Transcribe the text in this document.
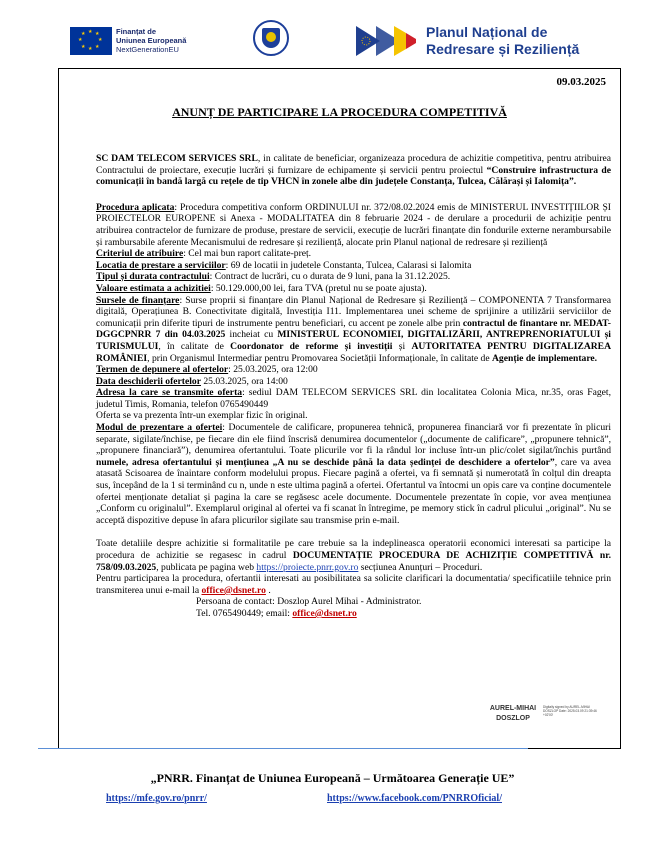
★ ★
★
★
★
★
★
★	Finanțat de
Uniunea Europeană
NextGenerationEU
Planul Național de
Redresare și Reziliență
09.03.2025
ANUNȚ DE PARTICIPARE LA PROCEDURA COMPETITIVĂ

SC DAM TELECOM SERVICES SRL, in calitate de beneficiar, organizeaza procedura de achizitie competitiva, pentru atribuirea Contractului de proiectare, execuție lucrări și furnizare de echipamente și servicii pentru proiectul “Construire infrastructura de comunicații în bandă largă cu rețele de tip VHCN în zonele albe din județele Constanța, Tulcea, Călărași și Ialomița”.

Procedura aplicata: Procedura competitiva conform ORDINULUI nr. 372/08.02.2024 emis de MINISTERUL INVESTIȚIILOR ȘI PROIECTELOR EUROPENE si Anexa - MODALITATEA din 8 februarie 2024 - de derulare a procedurii de achiziție pentru atribuirea contractelor de furnizare de produse, prestare de servicii, execuție de lucrări finanțate din fondurile externe nerambursabile și rambursabile aferente Mecanismului de redresare și reziliență, alocate prin Planul național de redresare și reziliență

Criteriul de atribuire: Cel mai bun raport calitate-preț.

Locatia de prestare a serviciilor: 69 de locatii in judetele Constanta, Tulcea, Calarasi si Ialomita

Tipul și durata contractului: Contract de lucrări, cu o durata de 9 luni, pana la 31.12.2025.

Valoare estimata a achizitiei: 50.129.000,00 lei, fara TVA (pretul nu se poate ajusta).

Sursele de finanțare: Surse proprii si finanțare din Planul Național de Redresare și Reziliență – COMPONENTA 7 Transformarea digitală, Operațiunea B. Conectivitate digitală, Investiția I11. Implementarea unei scheme de sprijinire a utilizării serviciilor de comunicații prin diferite tipuri de instrumente pentru beneficiari, cu accent pe zonele albe prin contractul de finantare nr. MEDAT-DGGCPNRR 7 din 04.03.2025 incheiat cu MINISTERUL ECONOMIEI, DIGITALIZĂRII, ANTREPRENORIATULUI și TURISMULUI, în calitate de Coordonator de reforme și investiții și AUTORITATEA PENTRU DIGITALIZAREA ROMÂNIEI, prin Organismul Intermediar pentru Promovarea Societății Informaționale, în calitate de Agenție de implementare.

Termen de depunere al ofertelor: 25.03.2025, ora 12:00

Data deschiderii ofertelor 25.03.2025, ora 14:00

Adresa la care se transmite oferta: sediul DAM TELECOM SERVICES SRL din localitatea Colonia Mica, nr.35, oras Faget, judetul Timis, Romania, telefon 0765490449

Oferta se va prezenta într-un exemplar fizic în original.

Modul de prezentare a ofertei: Documentele de calificare, propunerea tehnică, propunerea financiară vor fi prezentate în plicuri separate, sigilate/închise, pe fiecare din ele fiind înscrisă denumirea documentelor („documente de calificare”, „propunere tehnică”, „propunere financiară”), denumirea ofertantului. Toate plicurile vor fi la rândul lor incluse într-un plic/colet sigilat/închis purtând numele, adresa ofertantului și mențiunea „A nu se deschide până la data ședinței de deschidere a ofertelor”, care va avea atasată Scisoarea de înaintare conform modelului propus. Fiecare pagină a ofertei, va fi semnată și numerotată în colțul din dreapta sus, începând de la 1 si terminând cu n, unde n este ultima pagină a ofertei. Ofertantul va întocmi un opis care va conține documentele ofertei menționate detaliat și pagina la care se regăsesc acele documente. Documentele prezentate în copie, vor avea mențiunea „Conform cu originalul”. Exemplarul original al ofertei va fi scanat în întregime, pe memory stick în cadrul plicului „original”. Nu se acceptă dispozitive depuse în afara plicurilor sigilate sau transmise prin e-mail.

Toate detaliile despre achizitie si formalitatile pe care trebuie sa la indeplineasca operatorii economici interesati sa participe la procedura de achizitie se regasesc in cadrul DOCUMENTAȚIE PROCEDURA DE ACHIZIȚIE COMPETITIVĂ nr. 758/09.03.2025, publicata pe pagina web https://proiecte.pnrr.gov.ro secțiunea Anunțuri – Proceduri.

Pentru participarea la procedura, ofertantii interesati au posibilitatea sa solicite clarificari la documentatia/ specificatiile tehnice prin transmiterea unui e-mail la office@dsnet.ro .

Persoana de contact: Doszlop Aurel Mihai - Administrator.

Tel. 0765490449; email: office@dsnet.ro

AUREL-MIHAI
DOSZLOP
Digitally signed by AUREL-MIHAI DOSZLOP Date: 2025.03.09 21:39:46 +02'00'
„PNRR. Finanțat de Uniunea Europeană – Următoarea Generație UE”
https://mfe.gov.ro/pnrr/	https://www.facebook.com/PNRROficial/
